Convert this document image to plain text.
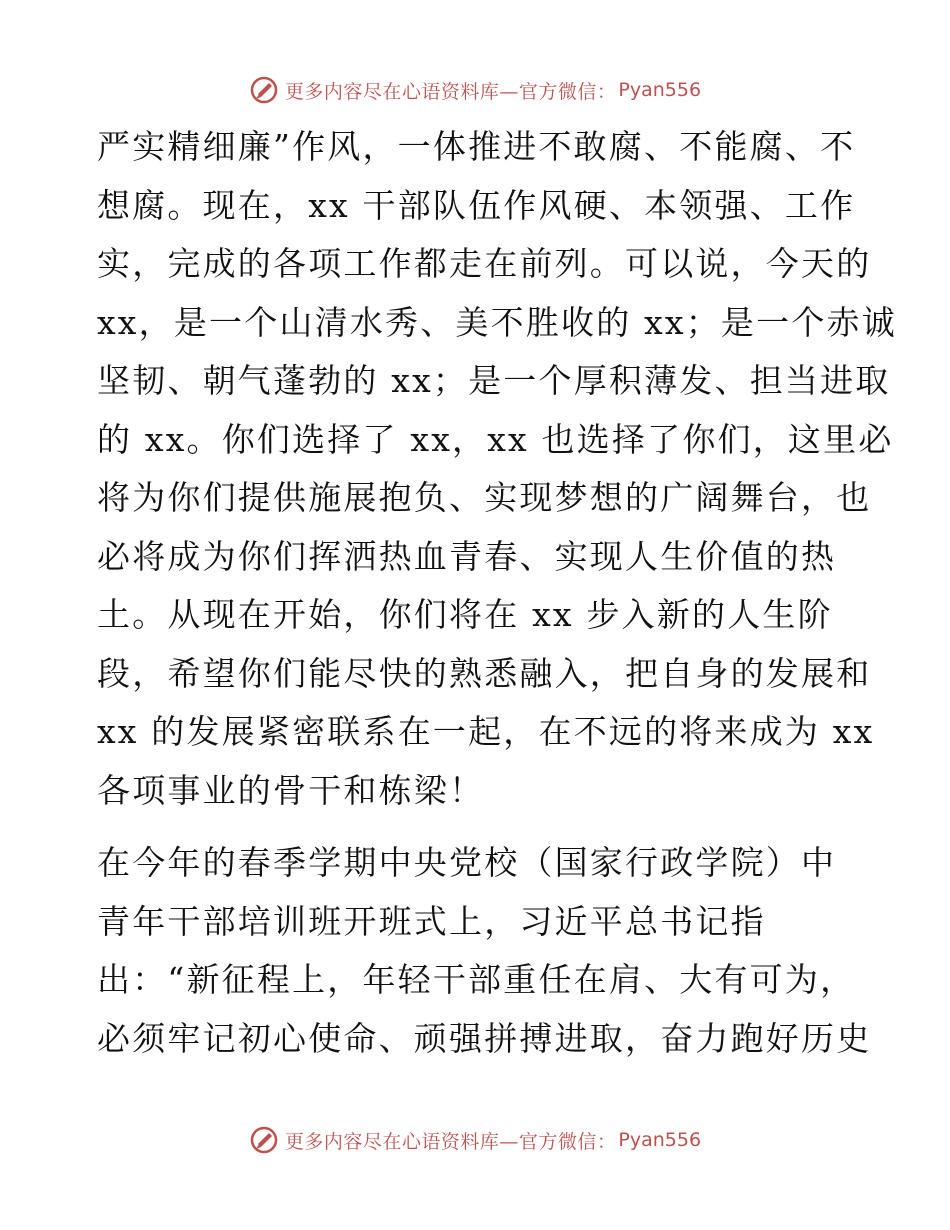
更多内容尽在心语资料库—官方微信： Pyan556
严实精细廉”作风，一体推进不敢腐、不能腐、不
想腐。现在，xx 干部队伍作风硬、本领强、工作
实，完成的各项工作都走在前列。可以说，今天的
xx，是一个山清水秀、美不胜收的 xx；是一个赤诚
坚韧、朝气蓬勃的 xx；是一个厚积薄发、担当进取
的 xx。你们选择了 xx，xx 也选择了你们，这里必
将为你们提供施展抱负、实现梦想的广阔舞台，也
必将成为你们挥洒热血青春、实现人生价值的热
土。从现在开始，你们将在 xx 步入新的人生阶
段，希望你们能尽快的熟悉融入，把自身的发展和
xx 的发展紧密联系在一起，在不远的将来成为 xx
各项事业的骨干和栋梁！
在今年的春季学期中央党校（国家行政学院）中
青年干部培训班开班式上，习近平总书记指
出：“新征程上，年轻干部重任在肩、大有可为，
必须牢记初心使命、顽强拼搏进取，奋力跑好历史
更多内容尽在心语资料库—官方微信： Pyan556
